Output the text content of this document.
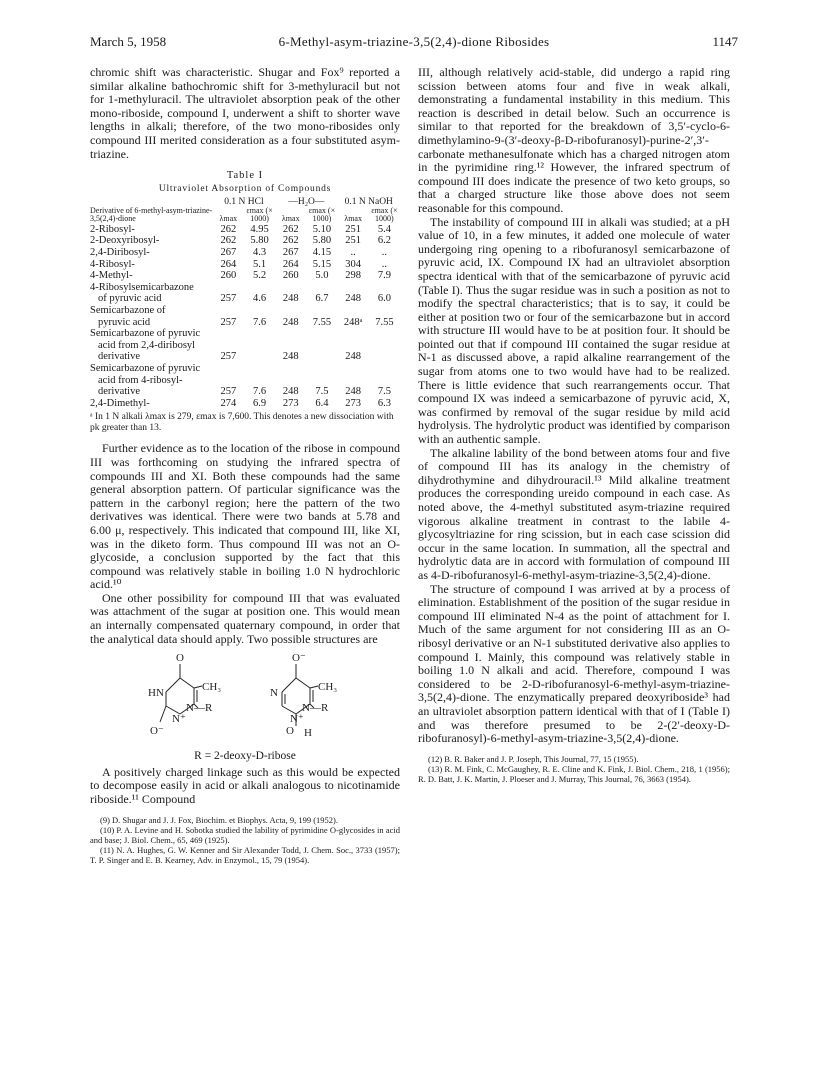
March 5, 1958	6-Methyl-asym-triazine-3,5(2,4)-dione Ribosides	1147

chromic shift was characteristic. Shugar and Fox⁹ reported a similar alkaline bathochromic shift for 3-methyluracil but not for 1-methyluracil. The ultraviolet absorption peak of the other mono-riboside, compound I, underwent a shift to shorter wave lengths in alkali; therefore, of the two mono-ribosides only compound III merited consideration as a four substituted asym-triazine.

Table I
Ultraviolet Absorption of Compounds
Derivative of 6-methyl-asym-triazine-3,5(2,4)-dione	0.1 N HCl		—H₂O—		0.1 N NaOH	
	λmax	εmax (× 1000)	λmax	εmax (× 1000)	λmax	εmax (× 1000)
2-Ribosyl-	262	4.95	262	5.10	251	5.4
2-Deoxyribosyl-	262	5.80	262	5.80	251	6.2
2,4-Diribosyl-	267	4.3	267	4.15	..	..
4-Ribosyl-	264	5.1	264	5.15	304	..
4-Methyl-	260	5.2	260	5.0	298	7.9
4-Ribosylsemicarbazone						
of pyruvic acid	257	4.6	248	6.7	248	6.0
Semicarbazone of						
pyruvic acid	257	7.6	248	7.55	248ᵃ	7.55
Semicarbazone of pyruvic						
acid from 2,4-diribosyl						
derivative	257		248		248	
Semicarbazone of pyruvic						
acid from 4-ribosyl-						
derivative	257	7.6	248	7.5	248	7.5
2,4-Dimethyl-	274	6.9	273	6.4	273	6.3
ᵃ In 1 N alkali λmax is 279, εmax is 7,600. This denotes a new dissociation with pk greater than 13.

Further evidence as to the location of the ribose in compound III was forthcoming on studying the infrared spectra of compounds III and XI. Both these compounds had the same general absorption pattern. Of particular significance was the pattern in the carbonyl region; here the pattern of the two derivatives was identical. There were two bands at 5.78 and 6.00 μ, respectively. This indicated that compound III, like XI, was in the diketo form. Thus compound III was not an O-glycoside, a conclusion supported by the fact that this compound was relatively stable in boiling 1.0 N hydrochloric acid.¹⁰

One other possibility for compound III that was evaluated was attachment of the sugar at position one. This would mean an internally compensated quaternary compound, in order that the analytical data should apply. Two possible structures are

O	O⁻
HN	CH₃	CH₃
N—R	N—R
N⁺	N⁺
N
O⁻	O H
R = 2-deoxy-D-ribose

A positively charged linkage such as this would be expected to decompose easily in acid or alkali analogous to nicotinamide riboside.¹¹ Compound

(9) D. Shugar and J. J. Fox, Biochim. et Biophys. Acta, 9, 199 (1952).

(10) P. A. Levine and H. Sobotka studied the lability of pyrimidine O-glycosides in acid and base; J. Biol. Chem., 65, 469 (1925).

(11) N. A. Hughes, G. W. Kenner and Sir Alexander Todd, J. Chem. Soc., 3733 (1957); T. P. Singer and E. B. Kearney, Adv. in Enzymol., 15, 79 (1954).

III, although relatively acid-stable, did undergo a rapid ring scission between atoms four and five in weak alkali, demonstrating a fundamental instability in this medium. This reaction is described in detail below. Such an occurrence is similar to that reported for the breakdown of 3,5′-cyclo-6-dimethylamino-9-(3′-deoxy-β-D-ribofuranosyl)-purine-2′,3′-carbonate methanesulfonate which has a charged nitrogen atom in the pyrimidine ring.¹² However, the infrared spectrum of compound III does indicate the presence of two keto groups, so that a charged structure like those above does not seem reasonable for this compound.

The instability of compound III in alkali was studied; at a pH value of 10, in a few minutes, it added one molecule of water undergoing ring opening to a ribofuranosyl semicarbazone of pyruvic acid, IX. Compound IX had an ultraviolet absorption spectra identical with that of the semicarbazone of pyruvic acid (Table I). Thus the sugar residue was in such a position as not to modify the spectral characteristics; that is to say, it could be either at position two or four of the semicarbazone but in accord with structure III would have to be at position four. It should be pointed out that if compound III contained the sugar residue at N-1 as discussed above, a rapid alkaline rearrangement of the sugar from atoms one to two would have had to be realized. There is little evidence that such rearrangements occur. That compound IX was indeed a semicarbazone of pyruvic acid, X, was confirmed by removal of the sugar residue by mild acid hydrolysis. The hydrolytic product was identified by comparison with an authentic sample.

The alkaline lability of the bond between atoms four and five of compound III has its analogy in the chemistry of dihydrothymine and dihydrouracil.¹³ Mild alkaline treatment produces the corresponding ureido compound in each case. As noted above, the 4-methyl substituted asym-triazine required vigorous alkaline treatment in contrast to the labile 4-glycosyltriazine for ring scission, but in each case scission did occur in the same location. In summation, all the spectral and hydrolytic data are in accord with formulation of compound III as 4-D-ribofuranosyl-6-methyl-asym-triazine-3,5(2,4)-dione.

The structure of compound I was arrived at by a process of elimination. Establishment of the position of the sugar residue in compound III eliminated N-4 as the point of attachment for I. Much of the same argument for not considering III as an O-ribosyl derivative or an N-1 substituted derivative also applies to compound I. Mainly, this compound was relatively stable in boiling 1.0 N alkali and acid. Therefore, compound I was considered to be 2-D-ribofuranosyl-6-methyl-asym-triazine-3,5(2,4)-dione. The enzymatically prepared deoxyriboside³ had an ultraviolet absorption pattern identical with that of I (Table I) and was therefore presumed to be 2-(2′-deoxy-D-ribofuranosyl)-6-methyl-asym-triazine-3,5(2,4)-dione.

(12) B. R. Baker and J. P. Joseph, This Journal, 77, 15 (1955).

(13) R. M. Fink, C. McGaughey, R. E. Cline and K. Fink, J. Biol. Chem., 218, 1 (1956); R. D. Batt, J. K. Martin, J. Ploeser and J. Murray, This Journal, 76, 3663 (1954).
